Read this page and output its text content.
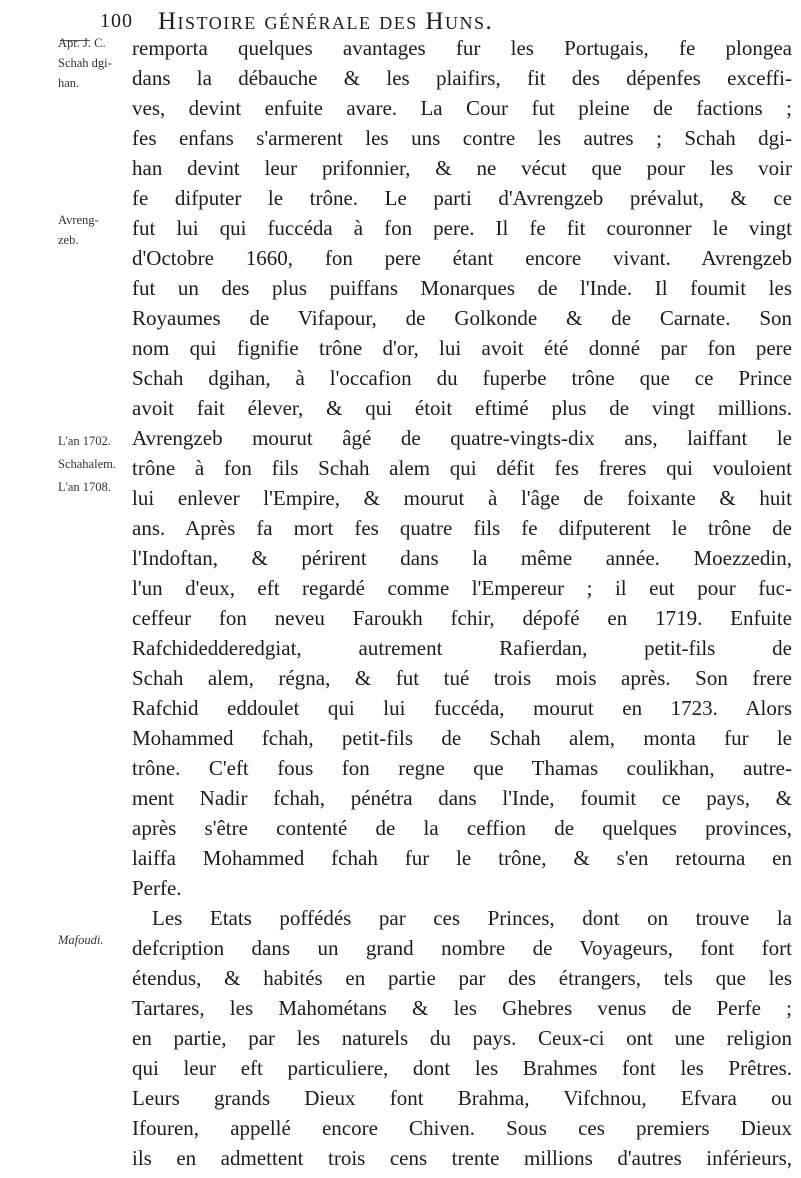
100 Histoire générale des Huns.
Apr. J. C.
Schah dgi-
han.
Avreng-
zeb.
L'an 1702.
Schahalem.
L'an 1708.
Mafoudi.
remporta quelques avantages fur les Portugais, fe plongea
dans la débauche & les plaifirs, fit des dépenfes exceffi-
ves, devint enfuite avare. La Cour fut pleine de factions ;
fes enfans s'armerent les uns contre les autres ; Schah dgi-
han devint leur prifonnier, & ne vécut que pour les voir
fe difputer le trône. Le parti d'Avrengzeb prévalut, & ce
fut lui qui fuccéda à fon pere. Il fe fit couronner le vingt
d'Octobre 1660, fon pere étant encore vivant. Avrengzeb
fut un des plus puiffans Monarques de l'Inde. Il foumit les
Royaumes de Vifapour, de Golkonde & de Carnate. Son
nom qui fignifie trône d'or, lui avoit été donné par fon pere
Schah dgihan, à l'occafion du fuperbe trône que ce Prince
avoit fait élever, & qui étoit eftimé plus de vingt millions.
Avrengzeb mourut âgé de quatre-vingts-dix ans, laiffant le
trône à fon fils Schah alem qui défit fes freres qui vouloient
lui enlever l'Empire, & mourut à l'âge de foixante & huit
ans. Après fa mort fes quatre fils fe difputerent le trône de
l'Indoftan, & périrent dans la même année. Moezzedin,
l'un d'eux, eft regardé comme l'Empereur ; il eut pour fuc-
ceffeur fon neveu Faroukh fchir, dépofé en 1719. Enfuite
Rafchidedderedgiat, autrement Rafierdan, petit-fils de
Schah alem, régna, & fut tué trois mois après. Son frere
Rafchid eddoulet qui lui fuccéda, mourut en 1723. Alors
Mohammed fchah, petit-fils de Schah alem, monta fur le
trône. C'eft fous fon regne que Thamas coulikhan, autre-
ment Nadir fchah, pénétra dans l'Inde, foumit ce pays, &
après s'être contenté de la ceffion de quelques provinces,
laiffa Mohammed fchah fur le trône, & s'en retourna en
Perfe.
Les Etats poffédés par ces Princes, dont on trouve la
defcription dans un grand nombre de Voyageurs, font fort
étendus, & habités en partie par des étrangers, tels que les
Tartares, les Mahométans & les Ghebres venus de Perfe ;
en partie, par les naturels du pays. Ceux-ci ont une religion
qui leur eft particuliere, dont les Brahmes font les Prêtres.
Leurs grands Dieux font Brahma, Vifchnou, Efvara ou
Ifouren, appellé encore Chiven. Sous ces premiers Dieux
ils en admettent trois cens trente millions d'autres inférieurs,
